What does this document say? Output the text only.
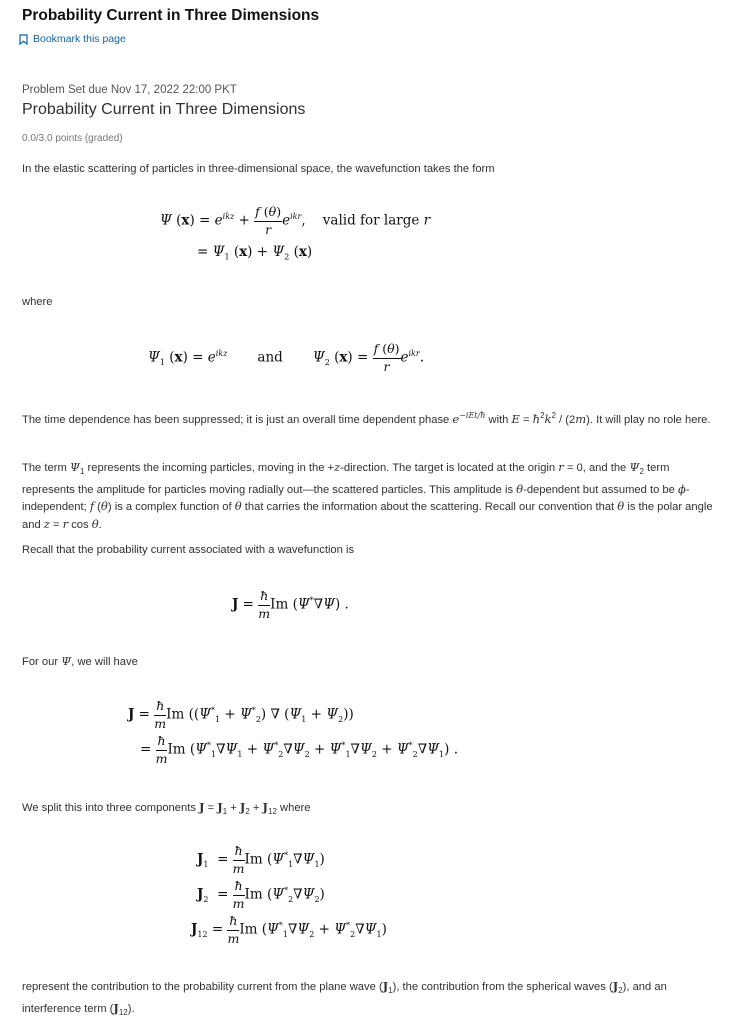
Probability Current in Three Dimensions
Bookmark this page
Problem Set due Nov 17, 2022 22:00 PKT
Probability Current in Three Dimensions
0.0/3.0 points (graded)
In the elastic scattering of particles in three-dimensional space, the wavefunction takes the form
Ψ $(x) = e^{ikz} + \frac{f (\theta)}{r} e^{ikr}$,    valid for large r
= $\Psi_1$ $(x) + \Psi_2$ (x)
where
$\Psi_1$ $(x) = e^{ikz}$ and $\Psi_2$ $(x) = \frac{f (\theta)}{r} e^{ikr}$.
The time dependence has been suppressed; it is just an overall time dependent phase $e^{-iEt/ħ}$ with $E = ħ^2k^2 / (2m)$. It will play no role here.
The term $\Psi_1$ represents the incoming particles, moving in the +z-direction. The target is located at the origin r = 0, and the $\Psi_2$ term represents the amplitude for particles moving radially out—the scattered particles. This amplitude is θ-dependent but assumed to be ϕ-independent; f (θ) is a complex function of θ that carries the information about the scattering. Recall our convention that θ is the polar angle and z = r cos θ.
Recall that the probability current associated with a wavefunction is
$J = \frac{ħ}{m}$ Im (Ψ*∇Ψ) .
For our Ψ, we will have
$J = \frac{ħ}{m}$ Im ($(\Psi^*_1 + \Psi^*_2)$ ∇ $(\Psi_1 + \Psi_2)$)
= $\frac{ħ}{m}$ Im $(\Psi^*_1\nabla\Psi_1 + \Psi^*_2\nabla\Psi_2 + \Psi^*_1\nabla\Psi_2 + \Psi^*_2\nabla\Psi_1)$ .
We split this into three components $J = J_1 + J_2 + J_{12}$ where
$J_1 = \frac{ħ}{m}$ Im $(\Psi^*_1\nabla\Psi_1)$
$J_2 = \frac{ħ}{m}$ Im $(\Psi^*_2\nabla\Psi_2)$
$J_{12} = \frac{ħ}{m}$ Im $(\Psi^*_1\nabla\Psi_2 + \Psi^*_2\nabla\Psi_1)$
represent the contribution to the probability current from the plane wave $(J_1)$, the contribution from the spherical waves $(J_2)$, and an interference term $(J_{12})$.
